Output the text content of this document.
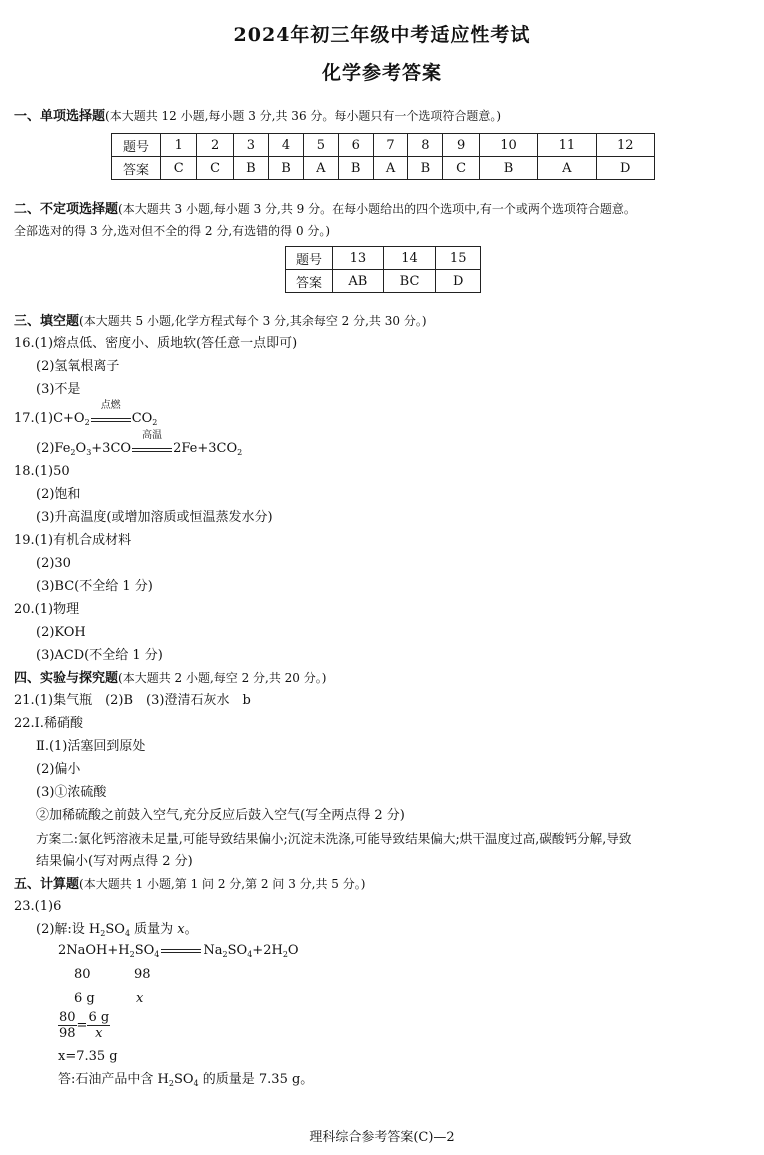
2024年初三年级中考适应性考试
化学参考答案
一、单项选择题(本大题共 12 小题,每小题 3 分,共 36 分。每小题只有一个选项符合题意。)
题号	1	2	3	4	5	6	7	8	9	10	11	12
答案	C	C	B	B	A	B	A	B	C	B	A	D
二、不定项选择题(本大题共 3 小题,每小题 3 分,共 9 分。在每小题给出的四个选项中,有一个或两个选项符合题意。
全部选对的得 3 分,选对但不全的得 2 分,有选错的得 0 分。)
题号	13	14	15
答案	AB	BC	D
三、填空题(本大题共 5 小题,化学方程式每个 3 分,其余每空 2 分,共 30 分。)
16.(1)熔点低、密度小、质地软(答任意一点即可)
(2)氢氧根离子
(3)不是
$17.(1)C+O_2$
点燃
$CO_2$
$(2)Fe_2O_3+3CO$
高温
$2Fe+3CO_2$
18.(1)50
(2)饱和
(3)升高温度(或增加溶质或恒温蒸发水分)
19.(1)有机合成材料
(2)30
(3)BC(不全给 1 分)
20.(1)物理
(2)KOH
(3)ACD(不全给 1 分)
四、实验与探究题(本大题共 2 小题,每空 2 分,共 20 分。)
21.(1)集气瓶　(2)B　(3)澄清石灰水　b
22.Ⅰ.稀硝酸
Ⅱ.(1)活塞回到原处
(2)偏小
(3)①浓硫酸
②加稀硫酸之前鼓入空气,充分反应后鼓入空气(写全两点得 2 分)
方案二:氯化钙溶液未足量,可能导致结果偏小;沉淀未洗涤,可能导致结果偏大;烘干温度过高,碳酸钙分解,导致
结果偏小(写对两点得 2 分)
五、计算题(本大题共 1 小题,第 1 问 2 分,第 2 问 3 分,共 5 分。)
23.(1)6
(2)解:设 $H_2SO_4$ 质量为 x。
$2NaOH+H_2SO_4$	$Na_2SO_4+2H_2O$
80	98
6 g	x
$\frac{80}{98} = \frac{6 g}{x}$
x=7.35 g
答:石油产品中含 $H_2SO_4$ 的质量是 7.35 g。
理科综合参考答案(C)—2
